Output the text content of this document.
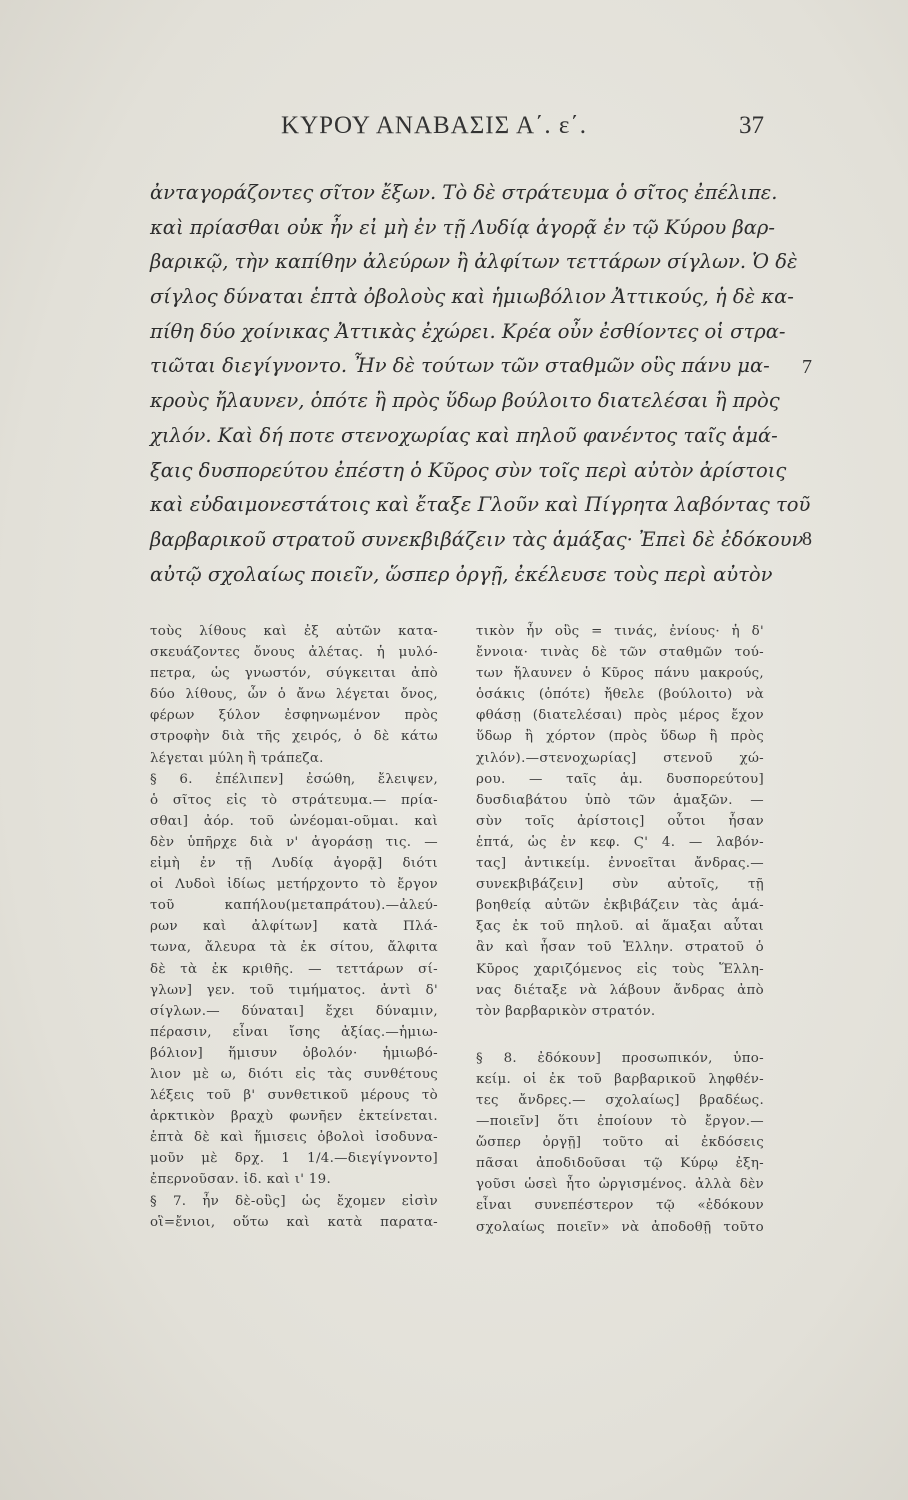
ΚΥΡΟΥ ΑΝΑΒΑΣΙΣ Α΄. ε΄.	37
ἀνταγοράζοντες σῖτον ἔξων. Τὸ δὲ στράτευμα ὁ σῖτος ἐπέλιπε.
καὶ πρίασθαι οὐκ ἦν εἰ μὴ ἐν τῇ Λυδίᾳ ἀγορᾷ ἐν τῷ Κύρου βαρ-
βαρικῷ, τὴν καπίθην ἀλεύρων ἢ ἀλφίτων τεττάρων σίγλων. Ὁ δὲ
σίγλος δύναται ἑπτὰ ὀβολοὺς καὶ ἡμιωβόλιον Ἀττικούς, ἡ δὲ κα-
πίθη δύο χοίνικας Ἀττικὰς ἐχώρει. Κρέα οὖν ἐσθίοντες οἱ στρα-
τιῶται διεγίγνοντο. Ἦν δὲ τούτων τῶν σταθμῶν οὓς πάνυ μα-
κροὺς ἤλαυνεν, ὁπότε ἢ πρὸς ὕδωρ βούλοιτο διατελέσαι ἢ πρὸς
χιλόν. Καὶ δή ποτε στενοχωρίας καὶ πηλοῦ φανέντος ταῖς ἁμά-
ξαις δυσπορεύτου ἐπέστη ὁ Κῦρος σὺν τοῖς περὶ αὐτὸν ἀρίστοις
καὶ εὐδαιμονεστάτοις καὶ ἔταξε Γλοῦν καὶ Πίγρητα λαβόντας τοῦ
βαρβαρικοῦ στρατοῦ συνεκβιβάζειν τὰς ἁμάξας· Ἐπεὶ δὲ ἐδόκουν
αὐτῷ σχολαίως ποιεῖν, ὥσπερ ὀργῇ, ἐκέλευσε τοὺς περὶ αὐτὸν
7
8
τοὺς λίθους καὶ ἐξ αὐτῶν κατα-
σκευάζοντες ὄνους ἀλέτας. ἡ μυλό-
πετρα, ὡς γνωστόν, σύγκειται ἀπὸ
δύο λίθους, ὧν ὁ ἄνω λέγεται ὄνος,
φέρων ξύλον ἐσφηνωμένον πρὸς
στροφὴν διὰ τῆς χειρός, ὁ δὲ κάτω
λέγεται μύλη ἢ τράπεζα.
§ 6. ἐπέλιπεν] ἐσώθη, ἔλειψεν,
ὁ σῖτος εἰς τὸ στράτευμα.— πρία-
σθαι] ἀόρ. τοῦ ὠνέομαι-οῦμαι. καὶ
δὲν ὑπῆρχε διὰ ν' ἀγοράσῃ τις. —
εἰμὴ ἐν τῇ Λυδίᾳ ἀγορᾷ] διότι
οἱ Λυδοὶ ἰδίως μετήρχοντο τὸ ἔργον
τοῦ καπήλου(μεταπράτου).—ἀλεύ-
ρων καὶ ἀλφίτων] κατὰ Πλά-
τωνα, ἄλευρα τὰ ἐκ σίτου, ἄλφιτα
δὲ τὰ ἐκ κριθῆς. — τεττάρων σί-
γλων] γεν. τοῦ τιμήματος. ἀντὶ δ'
σίγλων.— δύναται] ἔχει δύναμιν,
πέρασιν, εἶναι ἴσης ἀξίας.—ἡμιω-
βόλιον] ἥμισυν ὀβολόν· ἡμιωβό-
λιον μὲ ω, διότι εἰς τὰς συνθέτους
λέξεις τοῦ β' συνθετικοῦ μέρους τὸ
ἀρκτικὸν βραχὺ φωνῆεν ἐκτείνεται.
ἑπτὰ δὲ καὶ ἥμισεις ὀβολοὶ ἰσοδυνα-
μοῦν μὲ δρχ. 1 1/4.—διεγίγνοντο]
ἐπερνοῦσαν. ἰδ. καὶ ι' 19.
§ 7. ἦν δὲ-οὓς] ὡς ἔχομεν εἰσὶν
οἳ=ἔνιοι, οὕτω καὶ κατὰ παρατα-
τικὸν ἦν οὓς = τινάς, ἐνίους· ἡ δ'
ἔννοια· τινὰς δὲ τῶν σταθμῶν τού-
των ἤλαυνεν ὁ Κῦρος πάνυ μακρούς,
ὁσάκις (ὁπότε) ἤθελε (βούλοιτο) νὰ
φθάσῃ (διατελέσαι) πρὸς μέρος ἔχον
ὕδωρ ἢ χόρτον (πρὸς ὕδωρ ἢ πρὸς
χιλόν).—στενοχωρίας] στενοῦ χώ-
ρου. — ταῖς ἁμ. δυσπορεύτου]
δυσδιαβάτου ὑπὸ τῶν ἁμαξῶν. —
σὺν τοῖς ἀρίστοις] οὗτοι ἦσαν
ἑπτά, ὡς ἐν κεφ. Ϛ' 4. — λαβόν-
τας] ἀντικείμ. ἐννοεῖται ἄνδρας.—
συνεκβιβάζειν] σὺν αὐτοῖς, τῇ
βοηθείᾳ αὐτῶν ἐκβιβάζειν τὰς ἁμά-
ξας ἐκ τοῦ πηλοῦ. αἱ ἅμαξαι αὗται
ἂν καὶ ἦσαν τοῦ Ἑλλην. στρατοῦ ὁ
Κῦρος χαριζόμενος εἰς τοὺς Ἕλλη-
νας διέταξε νὰ λάβουν ἄνδρας ἀπὸ
τὸν βαρβαρικὸν στρατόν.
§ 8. ἐδόκουν] προσωπικόν, ὑπο-
κείμ. οἱ ἐκ τοῦ βαρβαρικοῦ ληφθέν-
τες ἄνδρες.— σχολαίως] βραδέως.
—ποιεῖν] ὅτι ἐποίουν τὸ ἔργον.—
ὥσπερ ὀργῇ] τοῦτο αἱ ἐκδόσεις
πᾶσαι ἀποδιδοῦσαι τῷ Κύρῳ ἐξη-
γοῦσι ὡσεὶ ἦτο ὠργισμένος. ἀλλὰ δὲν
εἶναι συνεπέστερον τῷ «ἐδόκουν
σχολαίως ποιεῖν» νὰ ἀποδοθῇ τοῦτο
